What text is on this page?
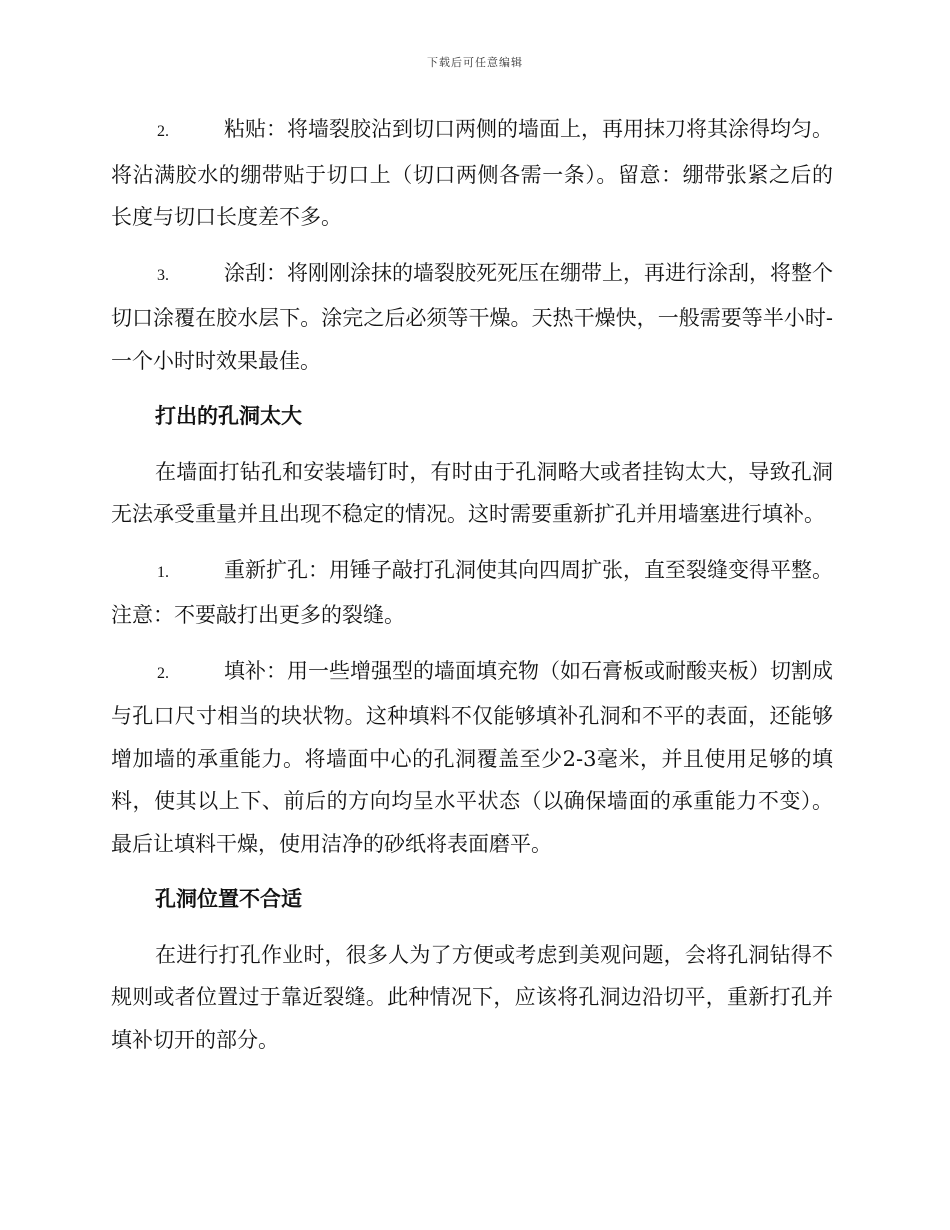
下载后可任意编辑

2.	粘贴：将墙裂胶沾到切口两侧的墙面上，再用抹刀将其涂得均匀。将沾满胶水的绷带贴于切口上（切口两侧各需一条）。留意：绷带张紧之后的长度与切口长度差不多。

3.	涂刮：将刚刚涂抹的墙裂胶死死压在绷带上，再进行涂刮，将整个切口涂覆在胶水层下。涂完之后必须等干燥。天热干燥快，一般需要等半小时-一个小时时效果最佳。

打出的孔洞太大

在墙面打钻孔和安装墙钉时，有时由于孔洞略大或者挂钩太大，导致孔洞无法承受重量并且出现不稳定的情况。这时需要重新扩孔并用墙塞进行填补。

1.	重新扩孔：用锤子敲打孔洞使其向四周扩张，直至裂缝变得平整。注意：不要敲打出更多的裂缝。

2.	填补：用一些增强型的墙面填充物（如石膏板或耐酸夹板）切割成与孔口尺寸相当的块状物。这种填料不仅能够填补孔洞和不平的表面，还能够增加墙的承重能力。将墙面中心的孔洞覆盖至少2-3毫米，并且使用足够的填料，使其以上下、前后的方向均呈水平状态（以确保墙面的承重能力不变）。最后让填料干燥，使用洁净的砂纸将表面磨平。

孔洞位置不合适

在进行打孔作业时，很多人为了方便或考虑到美观问题，会将孔洞钻得不规则或者位置过于靠近裂缝。此种情况下，应该将孔洞边沿切平，重新打孔并填补切开的部分。
